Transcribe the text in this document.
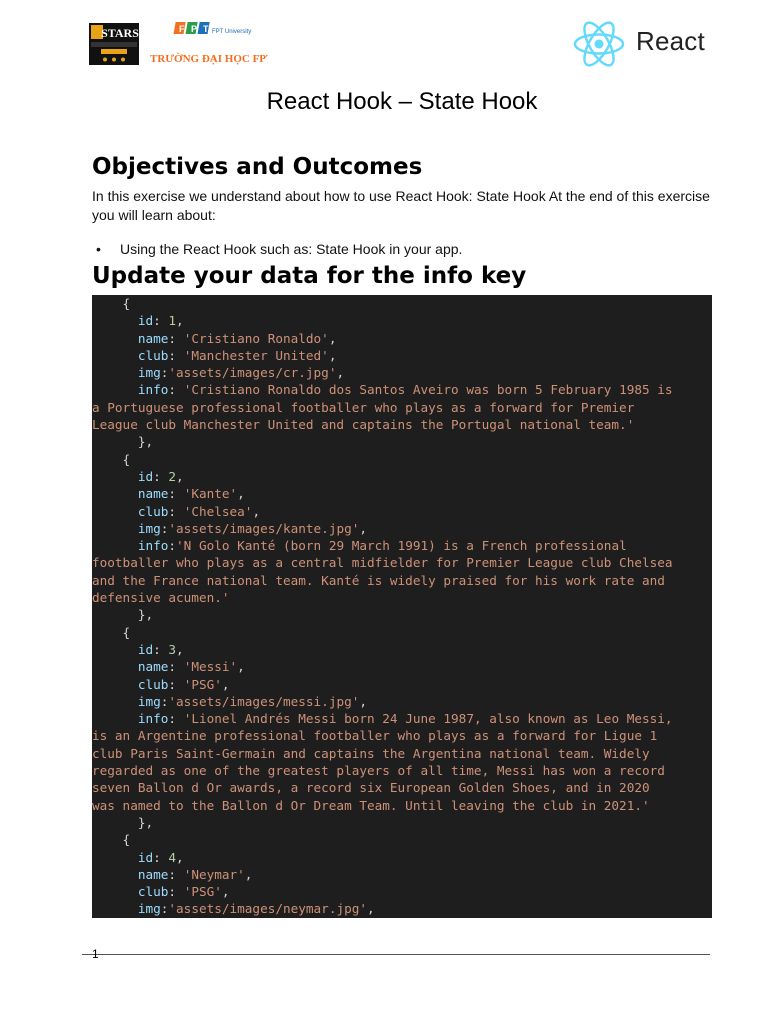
STARS	F P T FPT University
TRƯỜNG ĐẠI HỌC FPT
React
React Hook – State Hook
Objectives and Outcomes

In this exercise we understand about how to use React Hook: State Hook At the end of this exercise you will learn about:

• Using the React Hook such as: State Hook in your app.
Update your data for the info key
{
id: 1,
name: 'Cristiano Ronaldo',
club: 'Manchester United',
img:'assets/images/cr.jpg',
info: 'Cristiano Ronaldo dos Santos Aveiro was born 5 February 1985 is
a Portuguese professional footballer who plays as a forward for Premier
League club Manchester United and captains the Portugal national team.'
},
{
id: 2,
name: 'Kante',
club: 'Chelsea',
img:'assets/images/kante.jpg',
info:'N Golo Kanté (born 29 March 1991) is a French professional
footballer who plays as a central midfielder for Premier League club Chelsea
and the France national team. Kanté is widely praised for his work rate and
defensive acumen.'
},
{
id: 3,
name: 'Messi',
club: 'PSG',
img:'assets/images/messi.jpg',
info: 'Lionel Andrés Messi born 24 June 1987, also known as Leo Messi,
is an Argentine professional footballer who plays as a forward for Ligue 1
club Paris Saint-Germain and captains the Argentina national team. Widely
regarded as one of the greatest players of all time, Messi has won a record
seven Ballon d Or awards, a record six European Golden Shoes, and in 2020
was named to the Ballon d Or Dream Team. Until leaving the club in 2021.'
},
{
id: 4,
name: 'Neymar',
club: 'PSG',
img:'assets/images/neymar.jpg',

1
